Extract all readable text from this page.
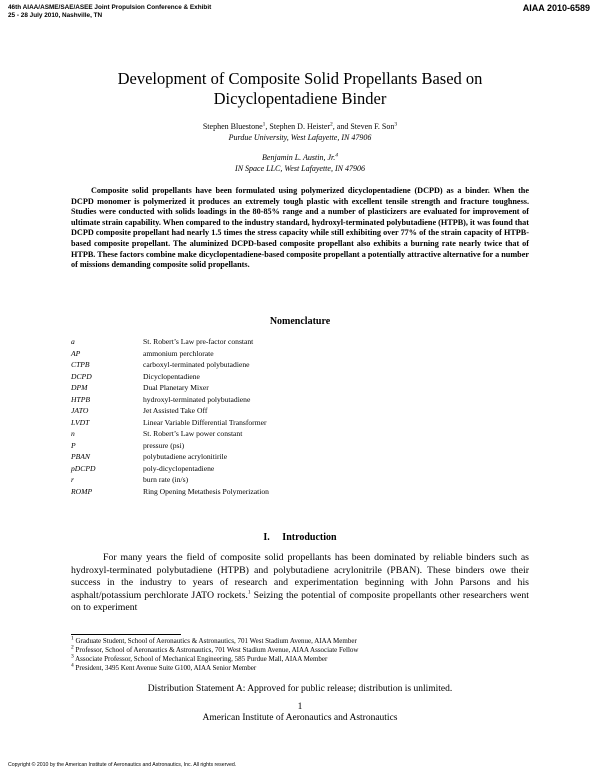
46th AIAA/ASME/SAE/ASEE Joint Propulsion Conference & Exhibit
25 - 28 July 2010, Nashville, TN
AIAA 2010-6589
Development of Composite Solid Propellants Based on
Dicyclopentadiene Binder
Stephen Bluestone$^1$, Stephen D. Heister$^2$, and Steven F. Son$^3$
Purdue University, West Lafayette, IN 47906
Benjamin L. Austin, Jr.$^4$
IN Space LLC, West Lafayette, IN 47906
Composite solid propellants have been formulated using polymerized dicyclopentadiene (DCPD) as a binder. When the DCPD monomer is polymerized it produces an extremely tough plastic with excellent tensile strength and fracture toughness. Studies were conducted with solids loadings in the 80-85% range and a number of plasticizers are evaluated for improvement of ultimate strain capability. When compared to the industry standard, hydroxyl-terminated polybutadiene (HTPB), it was found that DCPD composite propellant had nearly 1.5 times the stress capacity while still exhibiting over 77% of the strain capacity of HTPB-based composite propellant. The aluminized DCPD-based composite propellant also exhibits a burning rate nearly twice that of HTPB. These factors combine make dicyclopentadiene-based composite propellant a potentially attractive alternative for a number of missions demanding composite solid propellants.
Nomenclature
a	St. Robert’s Law pre-factor constant
AP	ammonium perchlorate
CTPB	carboxyl-terminated polybutadiene
DCPD	Dicyclopentadiene
DPM	Dual Planetary Mixer
HTPB	hydroxyl-terminated polybutadiene
JATO	Jet Assisted Take Off
LVDT	Linear Variable Differential Transformer
n	St. Robert’s Law power constant
P	pressure (psi)
PBAN	polybutadiene acrylonitirile
pDCPD	poly-dicyclopentadiene
r	burn rate (in/s)
ROMP	Ring Opening Metathesis Polymerization
I.     Introduction
For many years the field of composite solid propellants has been dominated by reliable binders such as hydroxyl-terminated polybutadiene (HTPB) and polybutadiene acrylonitrile (PBAN). These binders owe their success in the industry to years of research and experimentation beginning with John Parsons and his asphalt/potassium perchlorate JATO rockets.$^1$ Seizing the potential of composite propellants other researchers went on to experiment
$^1$ Graduate Student, School of Aeronautics & Astronautics, 701 West Stadium Avenue, AIAA Member
$^2$ Professor, School of Aeronautics & Astronautics, 701 West Stadium Avenue, AIAA Associate Fellow
$^3$ Associate Professor, School of Mechanical Engineering, 585 Purdue Mall, AIAA Member
$^4$ President, 3495 Kent Avenue Suite G100, AIAA Senior Member
Distribution Statement A: Approved for public release; distribution is unlimited.
1
American Institute of Aeronautics and Astronautics
Copyright © 2010 by the American Institute of Aeronautics and Astronautics, Inc. All rights reserved.
